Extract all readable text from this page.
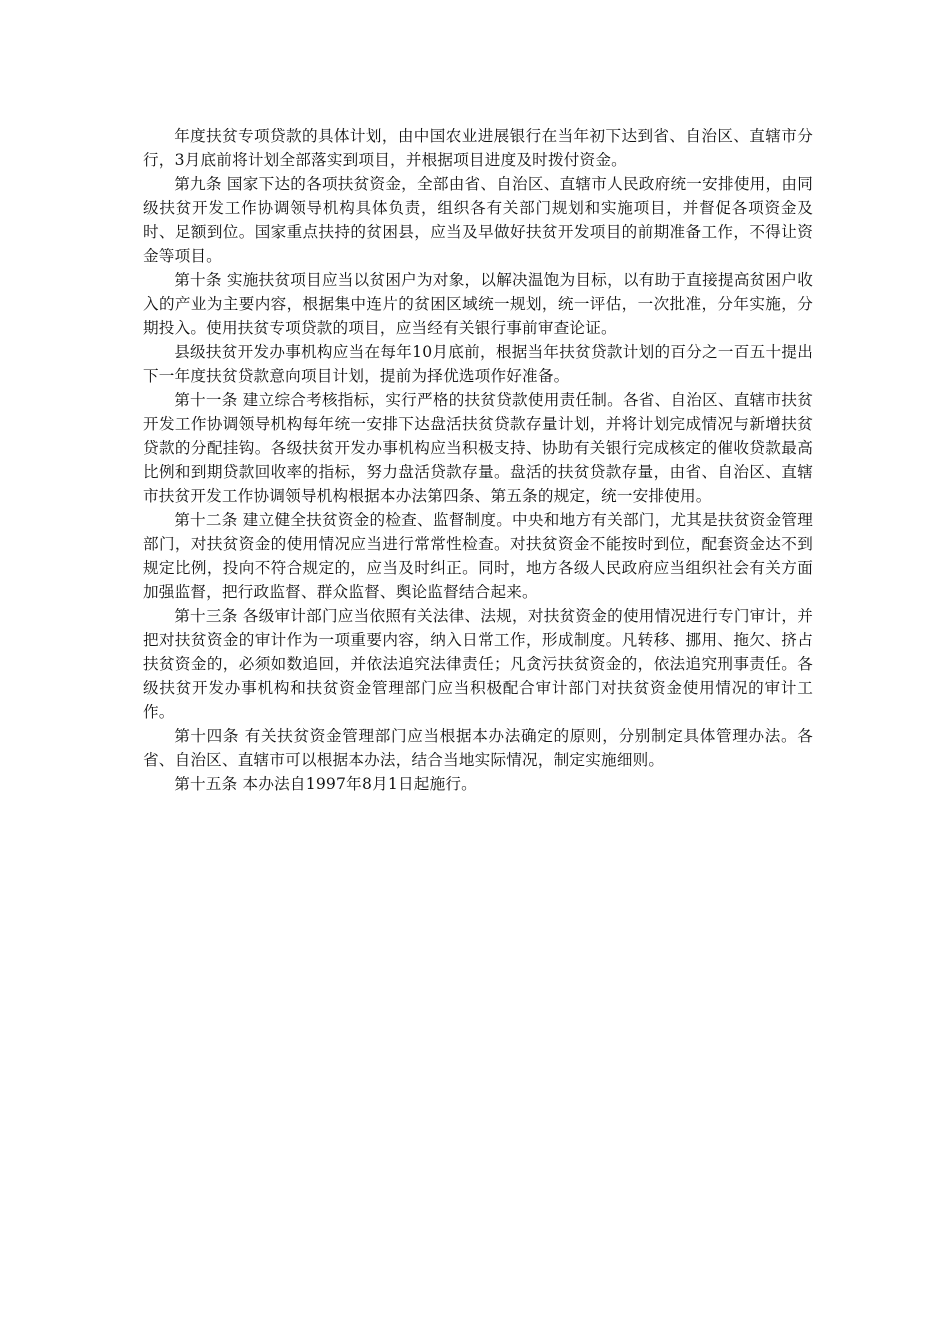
年度扶贫专项贷款的具体计划，由中国农业进展银行在当年初下达到省、自治区、直辖市分行，3月底前将计划全部落实到项目，并根据项目进度及时拨付资金。

第九条 国家下达的各项扶贫资金，全部由省、自治区、直辖市人民政府统一安排使用，由同级扶贫开发工作协调领导机构具体负责，组织各有关部门规划和实施项目，并督促各项资金及时、足额到位。国家重点扶持的贫困县，应当及早做好扶贫开发项目的前期准备工作，不得让资金等项目。

第十条 实施扶贫项目应当以贫困户为对象，以解决温饱为目标，以有助于直接提高贫困户收入的产业为主要内容，根据集中连片的贫困区域统一规划，统一评估，一次批准，分年实施，分期投入。使用扶贫专项贷款的项目，应当经有关银行事前审查论证。

县级扶贫开发办事机构应当在每年10月底前，根据当年扶贫贷款计划的百分之一百五十提出下一年度扶贫贷款意向项目计划，提前为择优选项作好准备。

第十一条 建立综合考核指标，实行严格的扶贫贷款使用责任制。各省、自治区、直辖市扶贫开发工作协调领导机构每年统一安排下达盘活扶贫贷款存量计划，并将计划完成情况与新增扶贫贷款的分配挂钩。各级扶贫开发办事机构应当积极支持、协助有关银行完成核定的催收贷款最高比例和到期贷款回收率的指标，努力盘活贷款存量。盘活的扶贫贷款存量，由省、自治区、直辖市扶贫开发工作协调领导机构根据本办法第四条、第五条的规定，统一安排使用。

第十二条 建立健全扶贫资金的检查、监督制度。中央和地方有关部门，尤其是扶贫资金管理部门，对扶贫资金的使用情况应当进行常常性检查。对扶贫资金不能按时到位，配套资金达不到规定比例，投向不符合规定的，应当及时纠正。同时，地方各级人民政府应当组织社会有关方面加强监督，把行政监督、群众监督、舆论监督结合起来。

第十三条 各级审计部门应当依照有关法律、法规，对扶贫资金的使用情况进行专门审计，并把对扶贫资金的审计作为一项重要内容，纳入日常工作，形成制度。凡转移、挪用、拖欠、挤占扶贫资金的，必须如数追回，并依法追究法律责任；凡贪污扶贫资金的，依法追究刑事责任。各级扶贫开发办事机构和扶贫资金管理部门应当积极配合审计部门对扶贫资金使用情况的审计工作。

第十四条 有关扶贫资金管理部门应当根据本办法确定的原则，分别制定具体管理办法。各省、自治区、直辖市可以根据本办法，结合当地实际情况，制定实施细则。

第十五条 本办法自1997年8月1日起施行。
